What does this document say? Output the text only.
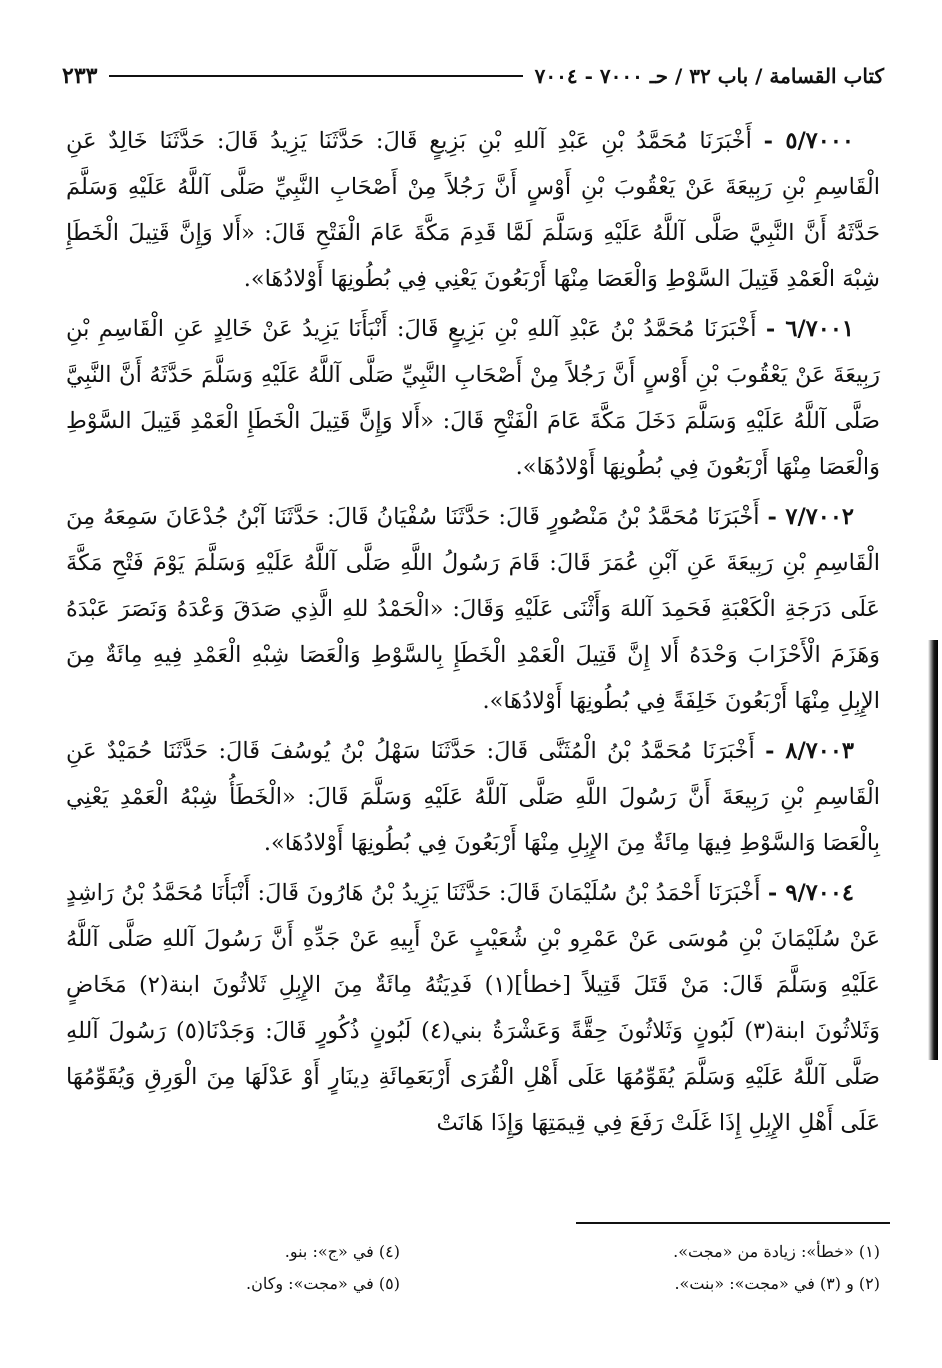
كتاب القسامة / باب ٣٢ / حـ ٧٠٠٠ - ٧٠٠٤
٢٣٣

٥/٧٠٠٠ - أَخْبَرَنَا مُحَمَّدُ بْنِ عَبْدِ آللهِ بْنِ بَزِيعٍ قَالَ: حَدَّثَنَا يَزِيدُ قَالَ: حَدَّثَنَا خَالِدٌ عَنِ الْقَاسِمِ بْنِ رَبِيعَةَ عَنْ يَعْقُوبَ بْنِ أَوْسٍ أَنَّ رَجُلاً مِنْ أَصْحَابِ النَّبِيِّ صَلَّى آللَّهُ عَلَيْهِ وَسَلَّمَ حَدَّثَهُ أَنَّ النَّبِيَّ صَلَّى آللَّهُ عَلَيْهِ وَسَلَّمَ لَمَّا قَدِمَ مَكَّةَ عَامَ الْفَتْحِ قَالَ: «أَلا وَإِنَّ قَتِيلَ الْخَطَإِ شِبْهَ الْعَمْدِ قَتِيلَ السَّوْطِ وَالْعَصَا مِنْهَا أَرْبَعُونَ يَعْنِي فِي بُطُونِهَا أَوْلادُهَا».

٦/٧٠٠١ - أَخْبَرَنَا مُحَمَّدُ بْنُ عَبْدِ آللهِ بْنِ بَزِيعٍ قَالَ: أَنْبَأَنَا يَزِيدُ عَنْ خَالِدٍ عَنِ الْقَاسِمِ بْنِ رَبِيعَةَ عَنْ يَعْقُوبَ بْنِ أَوْسٍ أَنَّ رَجُلاً مِنْ أَصْحَابِ النَّبِيِّ صَلَّى آللَّهُ عَلَيْهِ وَسَلَّمَ حَدَّثَهُ أَنَّ النَّبِيَّ صَلَّى آللَّهُ عَلَيْهِ وَسَلَّمَ دَخَلَ مَكَّةَ عَامَ الْفَتْحِ قَالَ: «أَلا وَإِنَّ قَتِيلَ الْخَطَإِ الْعَمْدِ قَتِيلَ السَّوْطِ وَالْعَصَا مِنْهَا أَرْبَعُونَ فِي بُطُونِهَا أَوْلادُهَا».

٧/٧٠٠٢ - أَخْبَرَنَا مُحَمَّدُ بْنُ مَنْصُورٍ قَالَ: حَدَّثَنَا سُفْيَانُ قَالَ: حَدَّثَنَا آبْنُ جُدْعَانَ سَمِعَهُ مِنَ الْقَاسِمِ بْنِ رَبِيعَةَ عَنِ آبْنِ عُمَرَ قَالَ: قَامَ رَسُولُ اللَّهِ صَلَّى آللَّهُ عَلَيْهِ وَسَلَّمَ يَوْمَ فَتْحِ مَكَّةَ عَلَى دَرَجَةِ الْكَعْبَةِ فَحَمِدَ آللهَ وَأَثْنَى عَلَيْهِ وَقَالَ: «الْحَمْدُ للهِ الَّذِي صَدَقَ وَعْدَهُ وَنَصَرَ عَبْدَهُ وَهَزَمَ الْأَحْزَابَ وَحْدَهُ أَلا إِنَّ قَتِيلَ الْعَمْدِ الْخَطَإِ بِالسَّوْطِ وَالْعَصَا شِبْهِ الْعَمْدِ فِيهِ مِائَةٌ مِنَ الإِبِلِ مِنْهَا أَرْبَعُونَ خَلِفَةً فِي بُطُونِهَا أَوْلادُهَا».

٨/٧٠٠٣ - أَخْبَرَنَا مُحَمَّدُ بْنُ الْمُثَنَّى قَالَ: حَدَّثَنَا سَهْلُ بْنُ يُوسُفَ قَالَ: حَدَّثَنَا حُمَيْدٌ عَنِ الْقَاسِمِ بْنِ رَبِيعَةَ أَنَّ رَسُولَ اللَّهِ صَلَّى آللَّهُ عَلَيْهِ وَسَلَّمَ قَالَ: «الْخَطَأُ شِبْهُ الْعَمْدِ يَعْنِي بِالْعَصَا وَالسَّوْطِ فِيهَا مِائَةٌ مِنَ الإِبِلِ مِنْهَا أَرْبَعُونَ فِي بُطُونِهَا أَوْلادُهَا».

٩/٧٠٠٤ - أَخْبَرَنَا أَحْمَدُ بْنُ سُلَيْمَانَ قَالَ: حَدَّثَنَا يَزِيدُ بْنُ هَارُونَ قَالَ: أَنْبَأَنَا مُحَمَّدُ بْنُ رَاشِدٍ عَنْ سُلَيْمَانَ بْنِ مُوسَى عَنْ عَمْرِو بْنِ شُعَيْبٍ عَنْ أَبِيهِ عَنْ جَدِّهِ أَنَّ رَسُولَ آللهِ صَلَّى آللَّهُ عَلَيْهِ وَسَلَّمَ قَالَ: مَنْ قَتَلَ قَتِيلاً [خطأ](١) فَدِيَتُهُ مِائَةٌ مِنَ الإِبِلِ ثَلاثُونَ ابنة(٢) مَخَاضٍ وَثَلاثُونَ ابنة(٣) لَبُونٍ وَثَلاثُونَ حِقَّةً وَعَشْرَةُ بني(٤) لَبُونٍ ذُكُورٍ قَالَ: وَجَدْنَا(٥) رَسُولَ آللهِ صَلَّى آللَّهُ عَلَيْهِ وَسَلَّمَ يُقَوِّمُهَا عَلَى أَهْلِ الْقُرَى أَرْبَعَمِائَةِ دِينَارٍ أَوْ عَدْلَهَا مِنَ الْوَرِقِ وَيُقَوِّمُهَا عَلَى أَهْلِ الإِبِلِ إِذَا غَلَتْ رَفَعَ فِي قِيمَتِهَا وَإِذَا هَانَتْ

(١) «خطأ»: زيادة من «مجت».
(٢) و (٣) في «مجت»: «بنت».
(٤) في «ج»: بنو.
(٥) في «مجت»: وكان.
